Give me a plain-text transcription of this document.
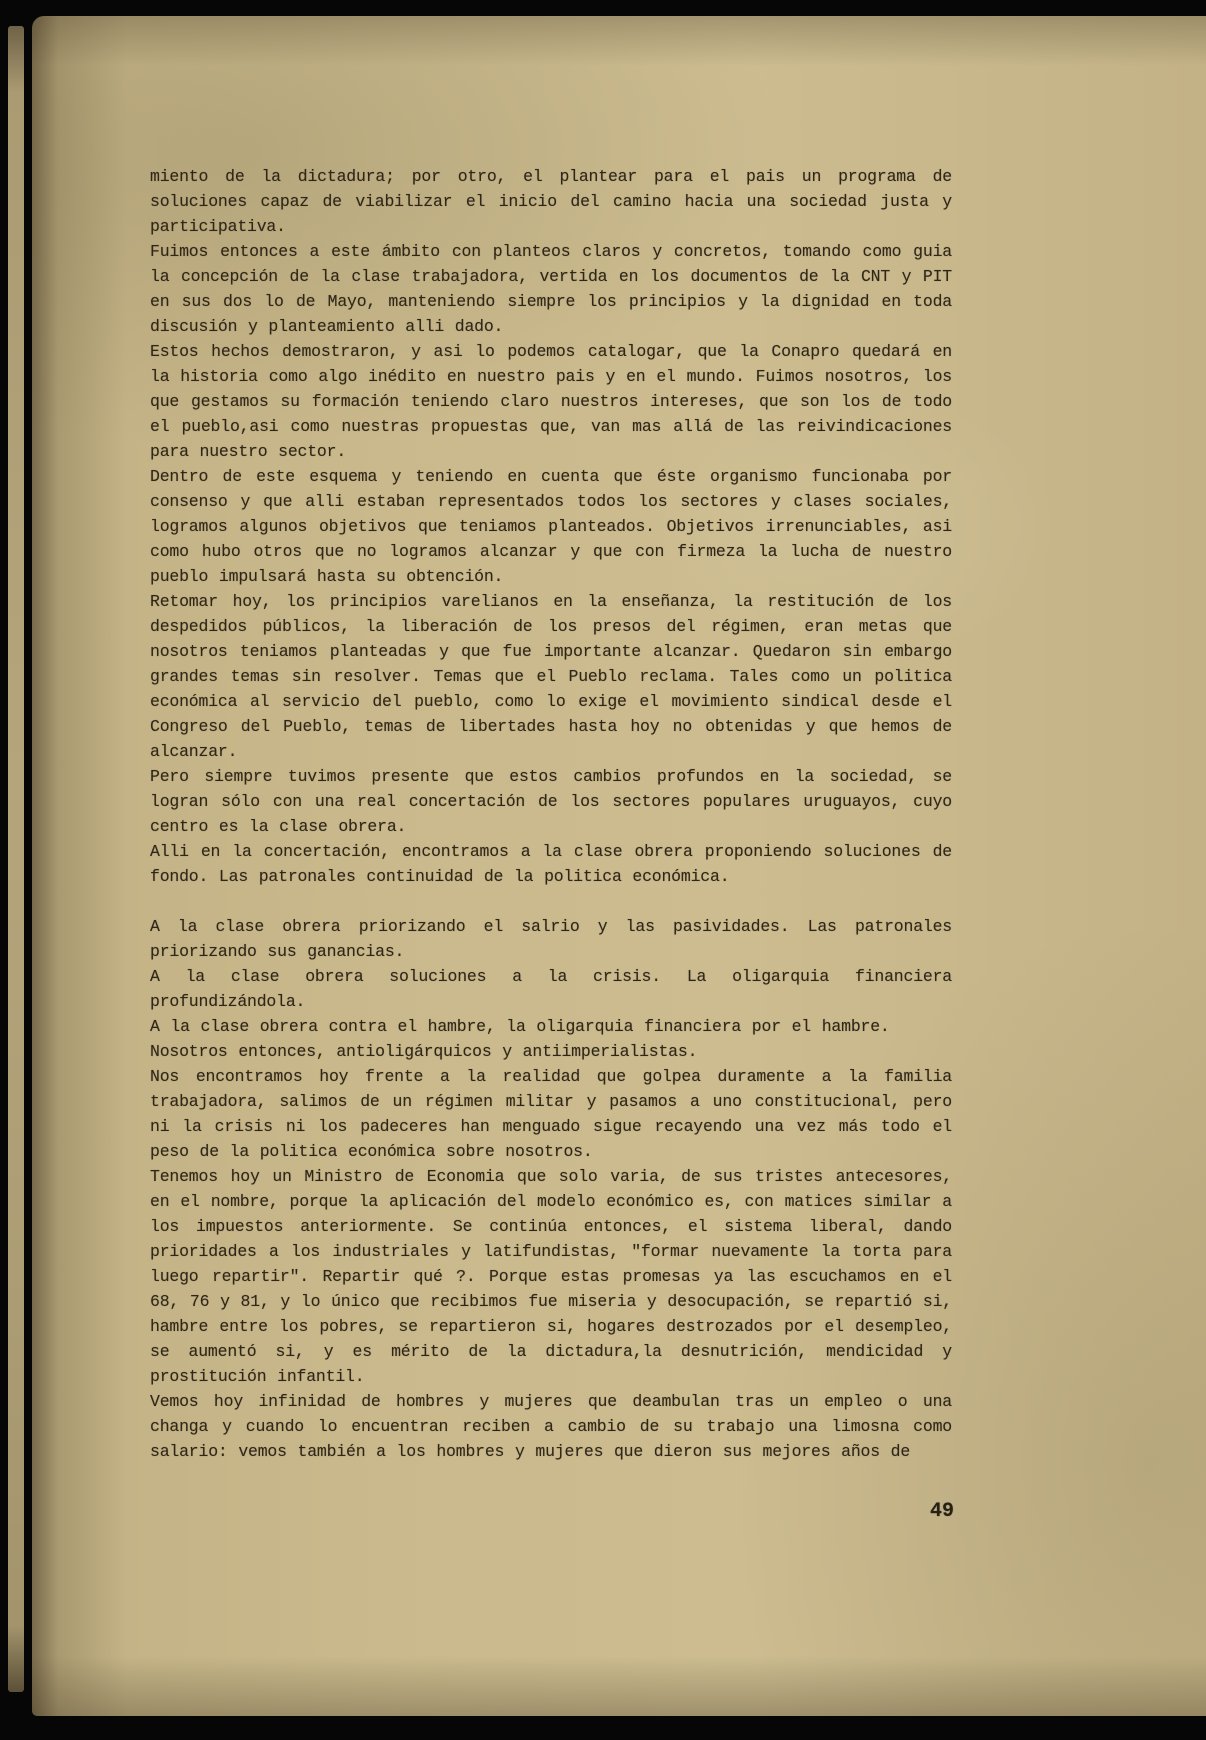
miento de la dictadura; por otro, el plantear para el pais un programa de soluciones capaz de viabilizar el inicio del camino hacia una sociedad justa y participativa.

Fuimos entonces a este ámbito con planteos claros y concretos, tomando como guia la concepción de la clase trabajadora, vertida en los documentos de la CNT y PIT en sus dos lo de Mayo, manteniendo siempre los principios y la dignidad en toda discusión y planteamiento alli dado.

Estos hechos demostraron, y asi lo podemos catalogar, que la Conapro quedará en la historia como algo inédito en nuestro pais y en el mundo. Fuimos nosotros, los que gestamos su formación teniendo claro nuestros intereses, que son los de todo el pueblo,asi como nuestras propuestas que, van mas allá de las reivindicaciones para nuestro sector.

Dentro de este esquema y teniendo en cuenta que éste organismo funcionaba por consenso y que alli estaban representados todos los sectores y clases sociales, logramos algunos objetivos que teniamos planteados. Objetivos irrenunciables, asi como hubo otros que no logramos alcanzar y que con firmeza la lucha de nuestro pueblo impulsará hasta su obtención.

Retomar hoy, los principios varelianos en la enseñanza, la restitución de los despedidos públicos, la liberación de los presos del régimen, eran metas que nosotros teniamos planteadas y que fue importante alcanzar. Quedaron sin embargo grandes temas sin resolver. Temas que el Pueblo reclama. Tales como un politica económica al servicio del pueblo, como lo exige el movimiento sindical desde el Congreso del Pueblo, temas de libertades hasta hoy no obtenidas y que hemos de alcanzar.

Pero siempre tuvimos presente que estos cambios profundos en la sociedad, se logran sólo con una real concertación de los sectores populares uruguayos, cuyo centro es la clase obrera.

Alli en la concertación, encontramos a la clase obrera proponiendo soluciones de fondo. Las patronales continuidad de la politica económica.

A la clase obrera priorizando el salrio y las pasividades. Las patronales priorizando sus ganancias.

A la clase obrera soluciones a la crisis. La oligarquia financiera profundizándola.

A la clase obrera contra el hambre, la oligarquia financiera por el hambre.

Nosotros entonces, antioligárquicos y antiimperialistas.

Nos encontramos hoy frente a la realidad que golpea duramente a la familia trabajadora, salimos de un régimen militar y pasamos a uno constitucional, pero ni la crisis ni los padeceres han menguado sigue recayendo una vez más todo el peso de la politica económica sobre nosotros.

Tenemos hoy un Ministro de Economia que solo varia, de sus tristes antecesores, en el nombre, porque la aplicación del modelo económico es, con matices similar a los impuestos anteriormente. Se continúa entonces, el sistema liberal, dando prioridades a los industriales y latifundistas, "formar nuevamente la torta para luego repartir". Repartir qué ?. Porque estas promesas ya las escuchamos en el 68, 76 y 81, y lo único que recibimos fue miseria y desocupación, se repartió si, hambre entre los pobres, se repartieron si, hogares destrozados por el desempleo, se aumentó si, y es mérito de la dictadura,la desnutrición, mendicidad y prostitución infantil.

Vemos hoy infinidad de hombres y mujeres que deambulan tras un empleo o una changa y cuando lo encuentran reciben a cambio de su trabajo una limosna como salario: vemos también a los hombres y mujeres que dieron sus mejores años de

49
